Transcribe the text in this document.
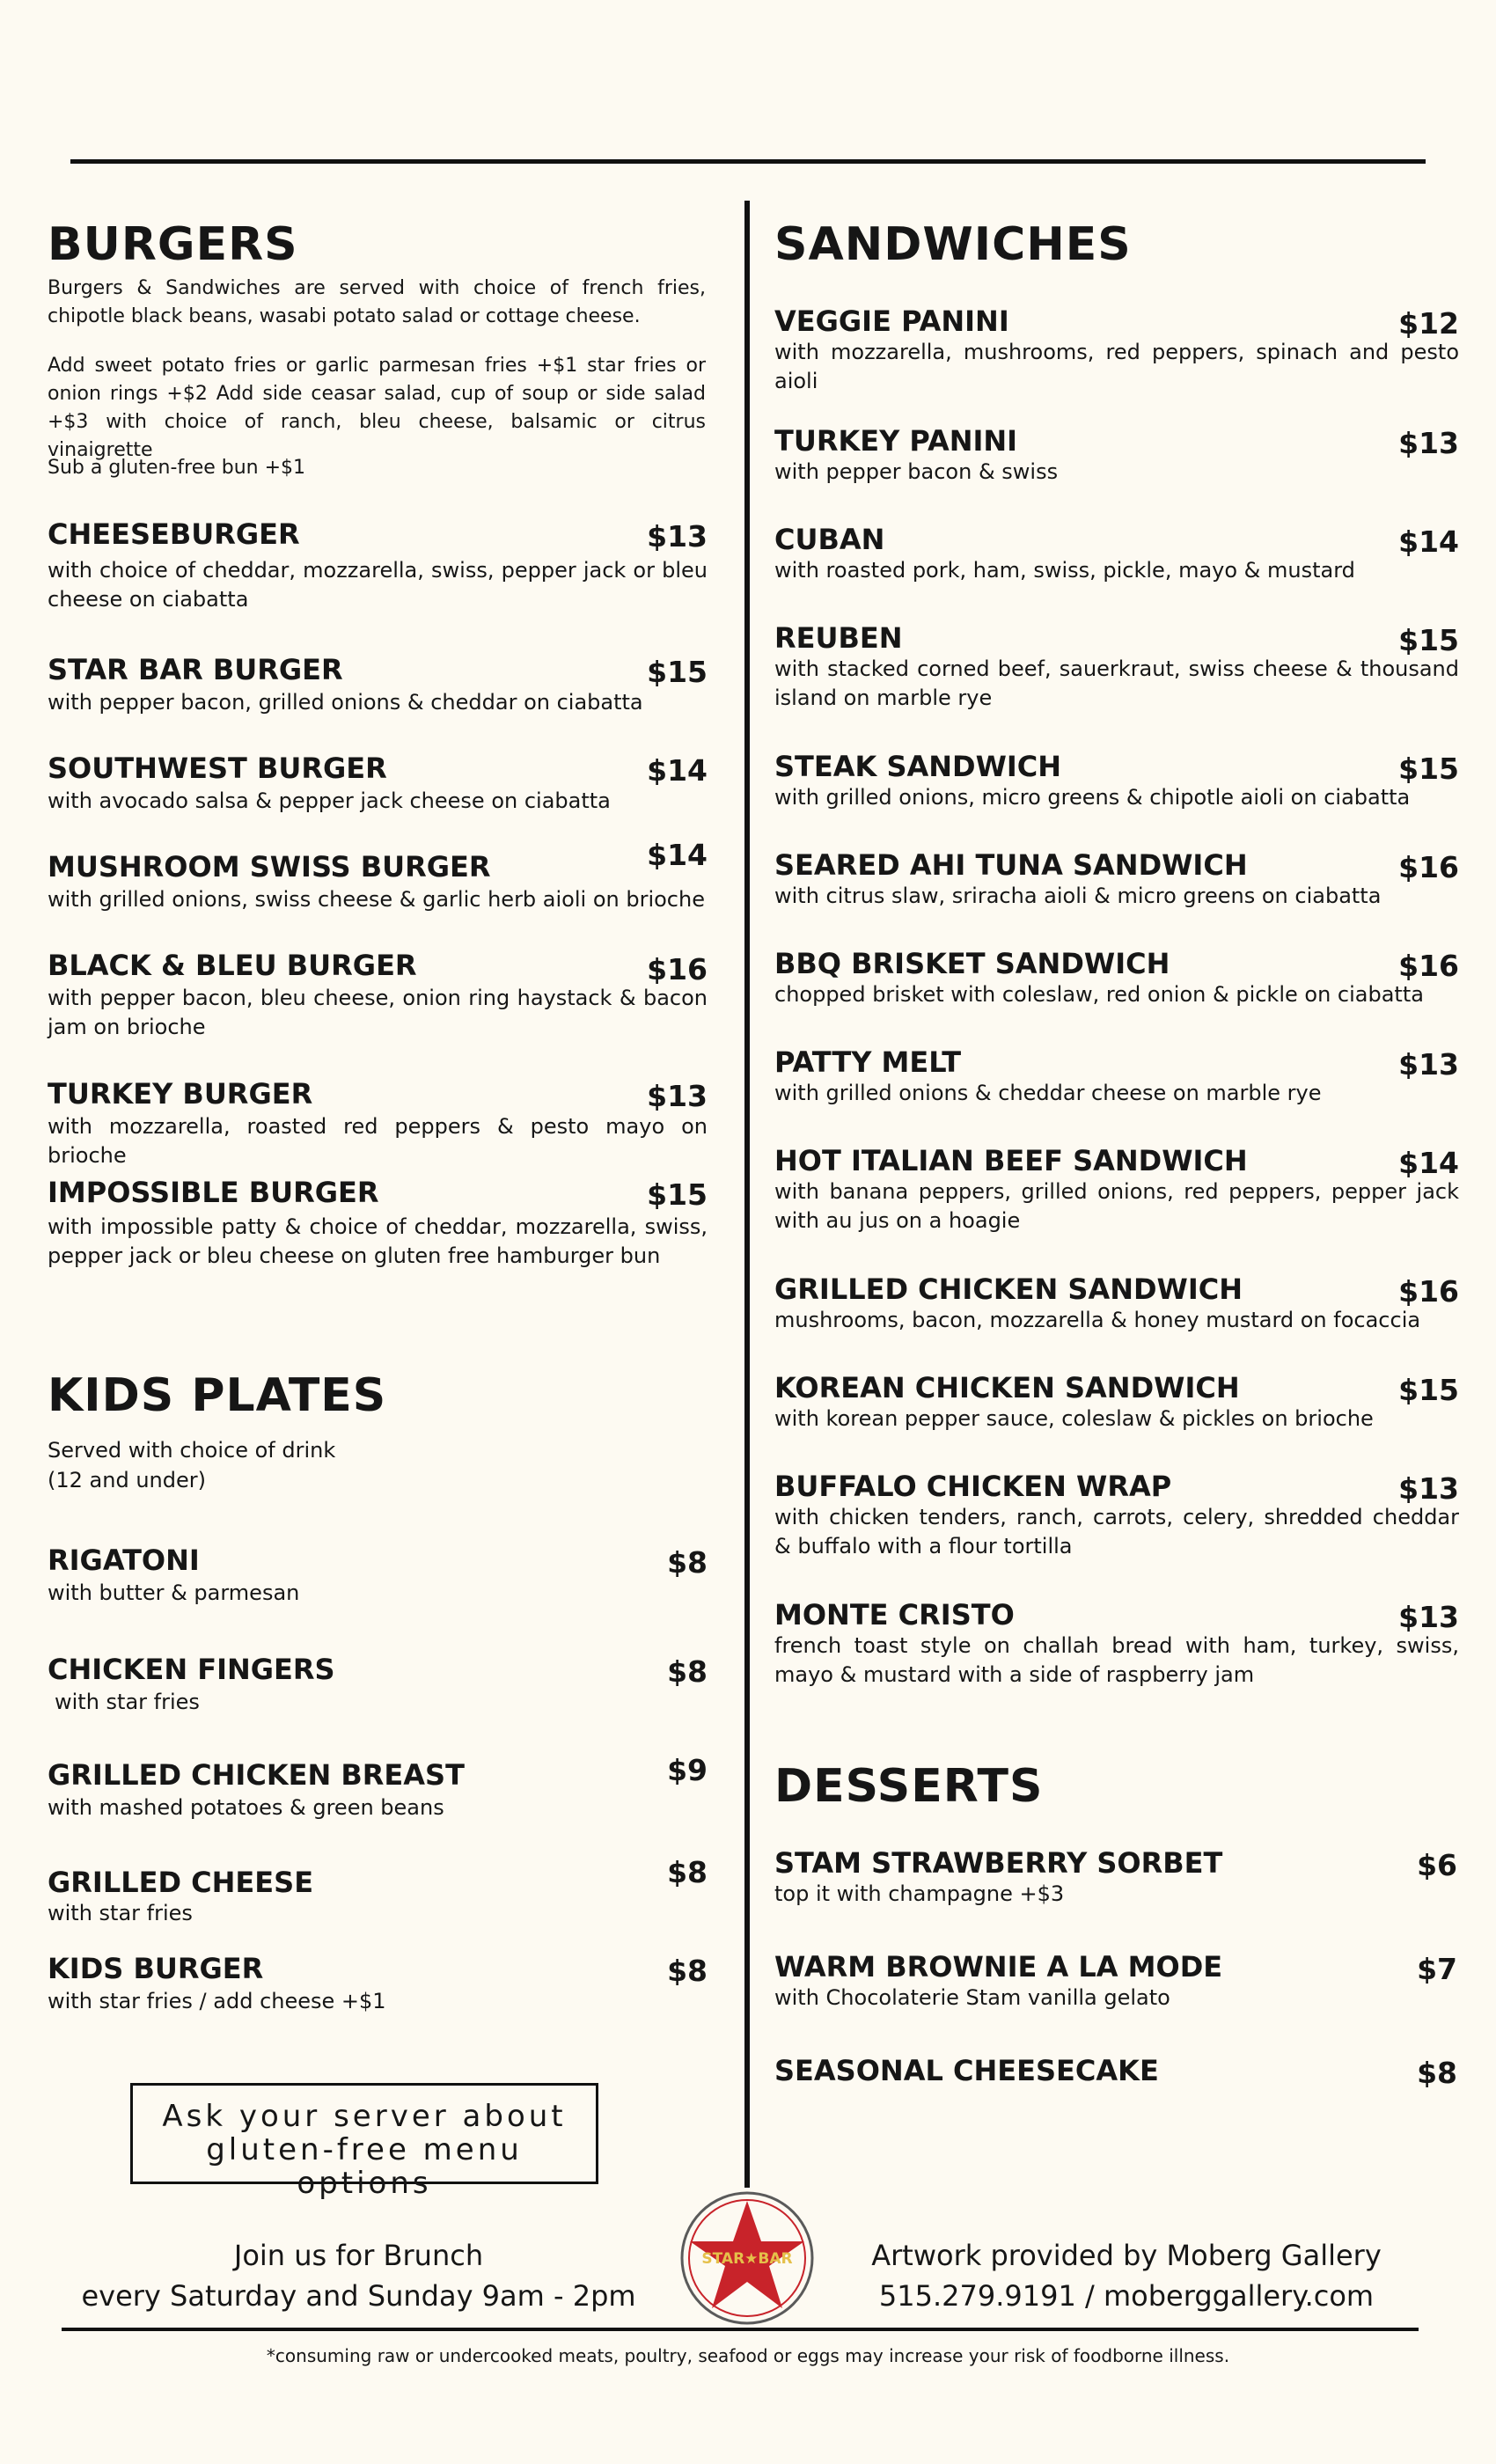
BURGERS
Burgers & Sandwiches are served with choice of french fries, chipotle black beans, wasabi potato salad or cottage cheese.
Add sweet potato fries or garlic parmesan fries +$1 star fries or onion rings +$2 Add side ceasar salad, cup of soup or side salad +$3 with choice of ranch, bleu cheese, balsamic or citrus vinaigrette
Sub a gluten-free bun +$1
CHEESEBURGER	$13
with choice of cheddar, mozzarella, swiss, pepper jack or bleu cheese on ciabatta
STAR BAR BURGER	$15
with pepper bacon, grilled onions & cheddar on ciabatta
SOUTHWEST BURGER	$14
with avocado salsa & pepper jack cheese on ciabatta
MUSHROOM SWISS BURGER	$14
with grilled onions, swiss cheese & garlic herb aioli on brioche
BLACK & BLEU BURGER	$16
with pepper bacon, bleu cheese, onion ring haystack & bacon jam on brioche
TURKEY BURGER	$13
with mozzarella, roasted red peppers & pesto mayo on brioche
IMPOSSIBLE BURGER	$15
with impossible patty & choice of cheddar, mozzarella, swiss, pepper jack or bleu cheese on gluten free hamburger bun
KIDS PLATES
Served with choice of drink
(12 and under)
RIGATONI	$8
with butter & parmesan
CHICKEN FINGERS	$8
with star fries
GRILLED CHICKEN BREAST	$9
with mashed potatoes & green beans
GRILLED CHEESE	$8
with star fries
KIDS BURGER	$8
with star fries / add cheese +$1
Ask your server about
gluten-free menu options
SANDWICHES
VEGGIE PANINI	$12
with mozzarella, mushrooms, red peppers, spinach and pesto aioli
TURKEY PANINI	$13
with pepper bacon & swiss
CUBAN	$14
with roasted pork, ham, swiss, pickle, mayo & mustard
REUBEN	$15
with stacked corned beef, sauerkraut, swiss cheese & thousand island on marble rye
STEAK SANDWICH	$15
with grilled onions, micro greens & chipotle aioli on ciabatta
SEARED AHI TUNA SANDWICH	$16
with citrus slaw, sriracha aioli & micro greens on ciabatta
BBQ BRISKET SANDWICH	$16
chopped brisket with coleslaw, red onion & pickle on ciabatta
PATTY MELT	$13
with grilled onions & cheddar cheese on marble rye
HOT ITALIAN BEEF SANDWICH	$14
with banana peppers, grilled onions, red peppers, pepper jack with au jus on a hoagie
GRILLED CHICKEN SANDWICH	$16
mushrooms, bacon, mozzarella & honey mustard on focaccia
KOREAN CHICKEN SANDWICH	$15
with korean pepper sauce, coleslaw & pickles on brioche
BUFFALO CHICKEN WRAP	$13
with chicken tenders, ranch, carrots, celery, shredded cheddar & buffalo with a flour tortilla
MONTE CRISTO	$13
french toast style on challah bread with ham, turkey, swiss, mayo & mustard with a side of raspberry jam
DESSERTS
STAM STRAWBERRY SORBET	$6
top it with champagne +$3
WARM BROWNIE A LA MODE	$7
with Chocolaterie Stam vanilla gelato
SEASONAL CHEESECAKE	$8
Join us for Brunch
every Saturday and Sunday 9am - 2pm
STAR★BAR	Artwork provided by Moberg Gallery
515.279.9191 / moberggallery.com
*consuming raw or undercooked meats, poultry, seafood or eggs may increase your risk of foodborne illness.
